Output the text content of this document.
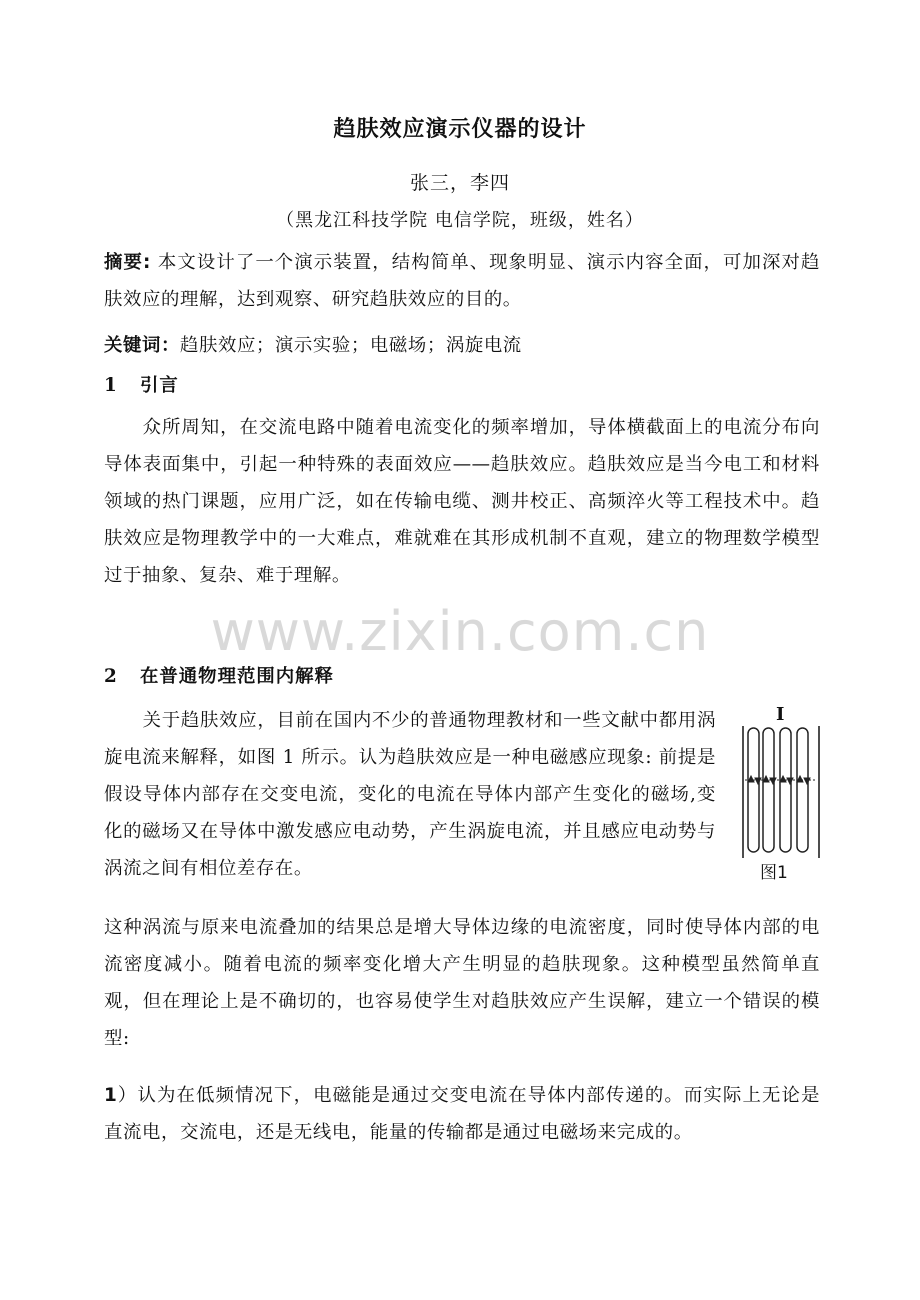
趋肤效应演示仪器的设计
张三，李四
（黑龙江科技学院 电信学院，班级，姓名）
摘要: 本文设计了一个演示装置，结构简单、现象明显、演示内容全面，可加深对趋肤效应的理解，达到观察、研究趋肤效应的目的。
关键词：趋肤效应；演示实验；电磁场；涡旋电流
1 引言
众所周知，在交流电路中随着电流变化的频率增加，导体横截面上的电流分布向导体表面集中，引起一种特殊的表面效应——趋肤效应。趋肤效应是当今电工和材料领域的热门课题，应用广泛，如在传输电缆、测井校正、高频淬火等工程技术中。趋肤效应是物理教学中的一大难点，难就难在其形成机制不直观，建立的物理数学模型过于抽象、复杂、难于理解。
2 在普通物理范围内解释
关于趋肤效应，目前在国内不少的普通物理教材和一些文献中都用涡旋电流来解释，如图 1 所示。认为趋肤效应是一种电磁感应现象: 前提是假设导体内部存在交变电流，变化的电流在导体内部产生变化的磁场,变化的磁场又在导体中激发感应电动势，产生涡旋电流，并且感应电动势与涡流之间有相位差存在。
这种涡流与原来电流叠加的结果总是增大导体边缘的电流密度，同时使导体内部的电流密度减小。随着电流的频率变化增大产生明显的趋肤现象。这种模型虽然简单直观，但在理论上是不确切的，也容易使学生对趋肤效应产生误解，建立一个错误的模型:
1）认为在低频情况下，电磁能是通过交变电流在导体内部传递的。而实际上无论是直流电，交流电，还是无线电，能量的传输都是通过电磁场来完成的。
I
图1
www.zixin.com.cn
